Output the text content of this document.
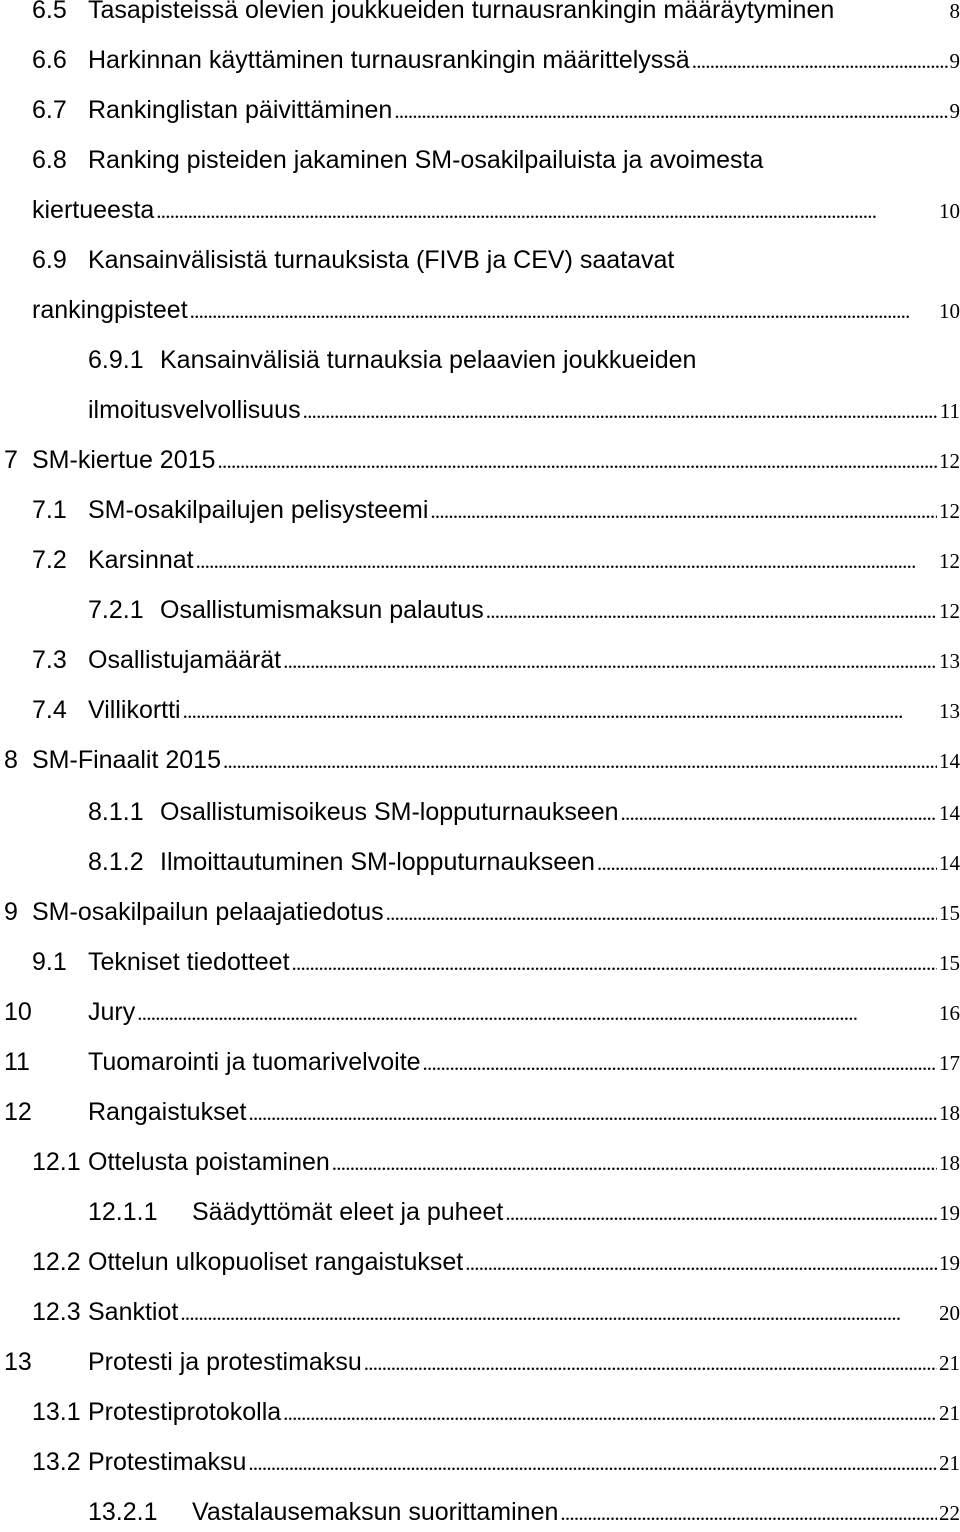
6.5 Tasapisteissä olevien joukkueiden turnausrankingin määräytyminen	8
6.6 Harkinnan käyttäminen turnausrankingin määrittelyssä . . .	9
6.7 Rankinglistan päivittäminen . . .	9
6.8 Ranking pisteiden jakaminen SM-osakilpailuista ja avoimesta
kiertueesta . . .	10
6.9 Kansainvälisistä turnauksista (FIVB ja CEV) saatavat
rankingpisteet . . .	10
6.9.1 Kansainvälisiä turnauksia pelaavien joukkueiden
ilmoitusvelvollisuus . . .	11
7 SM-kiertue 2015 . . .	12
7.1 SM-osakilpailujen pelisysteemi . . .	12
7.2 Karsinnat . . .	12
7.2.1 Osallistumismaksun palautus . . .	12
7.3 Osallistujamäärät . . .	13
7.4 Villikortti . . .	13
8 SM-Finaalit 2015 . . .	14
8.1.1 Osallistumisoikeus SM-lopputurnaukseen . . .	14
8.1.2 Ilmoittautuminen SM-lopputurnaukseen . . .	14
9 SM-osakilpailun pelaajatiedotus . . .	15
9.1 Tekniset tiedotteet . . .	15
10	Jury . . .	16
11	Tuomarointi ja tuomarivelvoite . . .	17
12	Rangaistukset . . .	18
12.1 Ottelusta poistaminen . . .	18
12.1.1	Säädyttömät eleet ja puheet . . .	19
12.2 Ottelun ulkopuoliset rangaistukset . . .	19
12.3 Sanktiot . . .	20
13	Protesti ja protestimaksu . . .	21
13.1 Protestiprotokolla . . .	21
13.2 Protestimaksu . . .	21
13.2.1	Vastalausemaksun suorittaminen . . .	22
